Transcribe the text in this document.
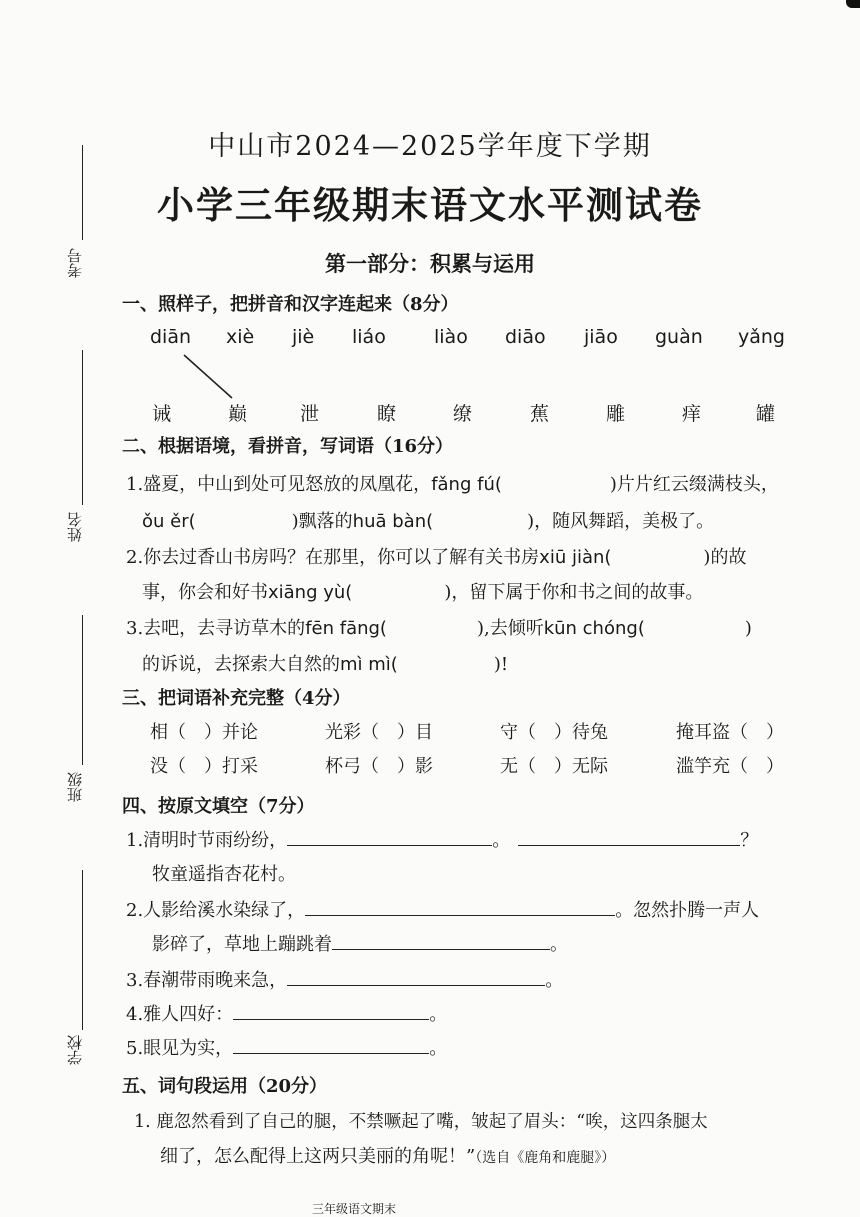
考号
姓名
班级
学校
中山市2024—2025学年度下学期
小学三年级期末语文水平测试卷
第一部分：积累与运用
一、照样子，把拼音和汉字连起来（8分）
diān xiè jiè liáo	liào diāo jiāo guàn yǎng
诫	巅	泄	瞭	缭	蕉	雕	痒	罐
二、根据语境，看拼音，写词语（16分）
1.盛夏，中山到处可见怒放的凤凰花，fǎng fú(	)片片红云缀满枝头，
ǒu ěr(	)飘落的huā bàn(	)，随风舞蹈，美极了。
2.你去过香山书房吗？在那里，你可以了解有关书房xiū jiàn(	)的故
事，你会和好书xiāng yù(	)，留下属于你和书之间的故事。
3.去吧，去寻访草木的fēn fāng(	),去倾听kūn chóng(	)
的诉说，去探索大自然的mì mì(	)!
三、把词语补充完整（4分）
相（　）并论	光彩（　）目	守（　）待兔	掩耳盗（　）
没（　）打采	杯弓（　）影	无（　）无际	滥竽充（　）
四、按原文填空（7分）
1.清明时节雨纷纷，	。	？
牧童遥指杏花村。
2.人影给溪水染绿了，	。忽然扑腾一声人
影碎了，草地上蹦跳着	。
3.春潮带雨晚来急，	。
4.雅人四好：	。
5.眼见为实，	。
五、词句段运用（20分）
1. 鹿忽然看到了自己的腿，不禁噘起了嘴，皱起了眉头：“唉，这四条腿太
细了，怎么配得上这两只美丽的角呢！”（选自《鹿角和鹿腿》）
三年级语文期末
